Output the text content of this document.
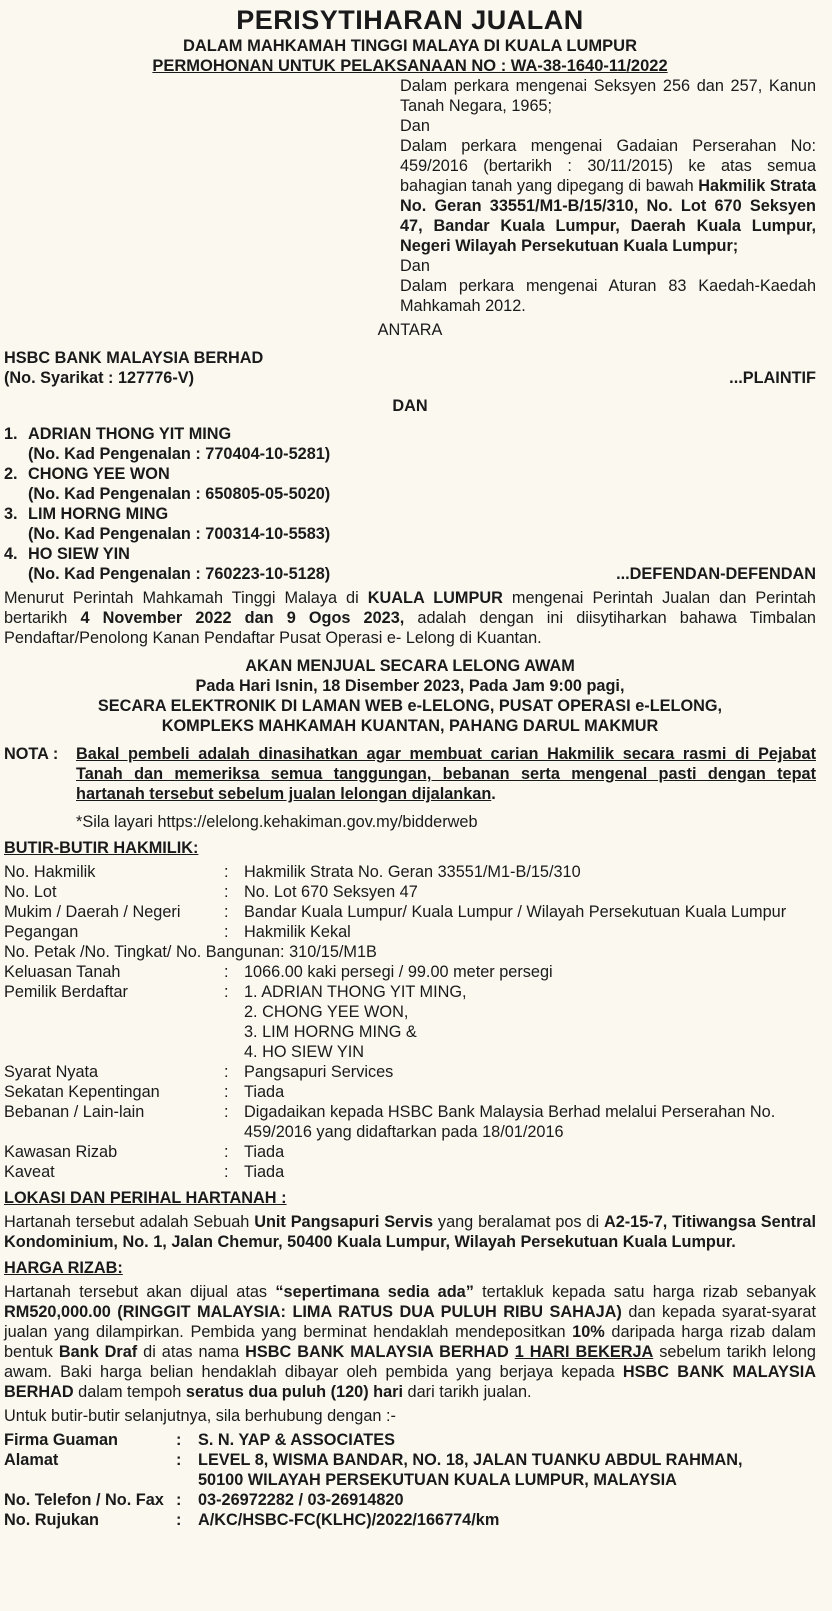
PERISYTIHARAN JUALAN
DALAM MAHKAMAH TINGGI MALAYA DI KUALA LUMPUR
PERMOHONAN UNTUK PELAKSANAAN NO : WA-38-1640-11/2022
Dalam perkara mengenai Seksyen 256 dan 257, Kanun Tanah Negara, 1965;
Dan
Dalam perkara mengenai Gadaian Perserahan No: 459/2016 (bertarikh : 30/11/2015) ke atas semua bahagian tanah yang dipegang di bawah Hakmilik Strata No. Geran 33551/M1-B/15/310, No. Lot 670 Seksyen 47, Bandar Kuala Lumpur, Daerah Kuala Lumpur, Negeri Wilayah Persekutuan Kuala Lumpur;
Dan
Dalam perkara mengenai Aturan 83 Kaedah-Kaedah Mahkamah 2012.
ANTARA
HSBC BANK MALAYSIA BERHAD
(No. Syarikat : 127776-V)	...PLAINTIF
DAN
1. ADRIAN THONG YIT MING
(No. Kad Pengenalan : 770404-10-5281)
2. CHONG YEE WON
(No. Kad Pengenalan : 650805-05-5020)
3. LIM HORNG MING
(No. Kad Pengenalan : 700314-10-5583)
4. HO SIEW YIN
(No. Kad Pengenalan : 760223-10-5128)	...DEFENDAN-DEFENDAN
Menurut Perintah Mahkamah Tinggi Malaya di KUALA LUMPUR mengenai Perintah Jualan dan Perintah bertarikh 4 November 2022 dan 9 Ogos 2023, adalah dengan ini diisytiharkan bahawa Timbalan Pendaftar/Penolong Kanan Pendaftar Pusat Operasi e- Lelong di Kuantan.
AKAN MENJUAL SECARA LELONG AWAM
Pada Hari Isnin, 18 Disember 2023, Pada Jam 9:00 pagi,
SECARA ELEKTRONIK DI LAMAN WEB e-LELONG, PUSAT OPERASI e-LELONG,
KOMPLEKS MAHKAMAH KUANTAN, PAHANG DARUL MAKMUR
NOTA :	Bakal pembeli adalah dinasihatkan agar membuat carian Hakmilik secara rasmi di Pejabat Tanah dan memeriksa semua tanggungan, bebanan serta mengenal pasti dengan tepat hartanah tersebut sebelum jualan lelongan dijalankan.
*Sila layari https://elelong.kehakiman.gov.my/bidderweb
BUTIR-BUTIR HAKMILIK:
No. Hakmilik	: Hakmilik Strata No. Geran 33551/M1-B/15/310
No. Lot	: No. Lot 670 Seksyen 47
Mukim / Daerah / Negeri	: Bandar Kuala Lumpur/ Kuala Lumpur / Wilayah Persekutuan Kuala Lumpur
Pegangan	: Hakmilik Kekal
No. Petak /No. Tingkat/ No. Bangunan: 310/15/M1B
Keluasan Tanah	: 1066.00 kaki persegi / 99.00 meter persegi
Pemilik Berdaftar	: 1. ADRIAN THONG YIT MING,
2. CHONG YEE WON,
3. LIM HORNG MING &
4. HO SIEW YIN
Syarat Nyata	: Pangsapuri Services
Sekatan Kepentingan	: Tiada
Bebanan / Lain-lain	: Digadaikan kepada HSBC Bank Malaysia Berhad melalui Perserahan No. 459/2016 yang didaftarkan pada 18/01/2016
Kawasan Rizab	: Tiada
Kaveat	: Tiada
LOKASI DAN PERIHAL HARTANAH :
Hartanah tersebut adalah Sebuah Unit Pangsapuri Servis yang beralamat pos di A2-15-7, Titiwangsa Sentral Kondominium, No. 1, Jalan Chemur, 50400 Kuala Lumpur, Wilayah Persekutuan Kuala Lumpur.
HARGA RIZAB:
Hartanah tersebut akan dijual atas “sepertimana sedia ada” tertakluk kepada satu harga rizab sebanyak RM520,000.00 (RINGGIT MALAYSIA: LIMA RATUS DUA PULUH RIBU SAHAJA) dan kepada syarat-syarat jualan yang dilampirkan. Pembida yang berminat hendaklah mendepositkan 10% daripada harga rizab dalam bentuk Bank Draf di atas nama HSBC BANK MALAYSIA BERHAD 1 HARI BEKERJA sebelum tarikh lelong awam. Baki harga belian hendaklah dibayar oleh pembida yang berjaya kepada HSBC BANK MALAYSIA BERHAD dalam tempoh seratus dua puluh (120) hari dari tarikh jualan.
Untuk butir-butir selanjutnya, sila berhubung dengan :-
Firma Guaman	:	S. N. YAP & ASSOCIATES
Alamat	:	LEVEL 8, WISMA BANDAR, NO. 18, JALAN TUANKU ABDUL RAHMAN,
50100 WILAYAH PERSEKUTUAN KUALA LUMPUR, MALAYSIA
No. Telefon / No. Fax :	03-26972282 / 03-26914820
No. Rujukan	:	A/KC/HSBC-FC(KLHC)/2022/166774/km
